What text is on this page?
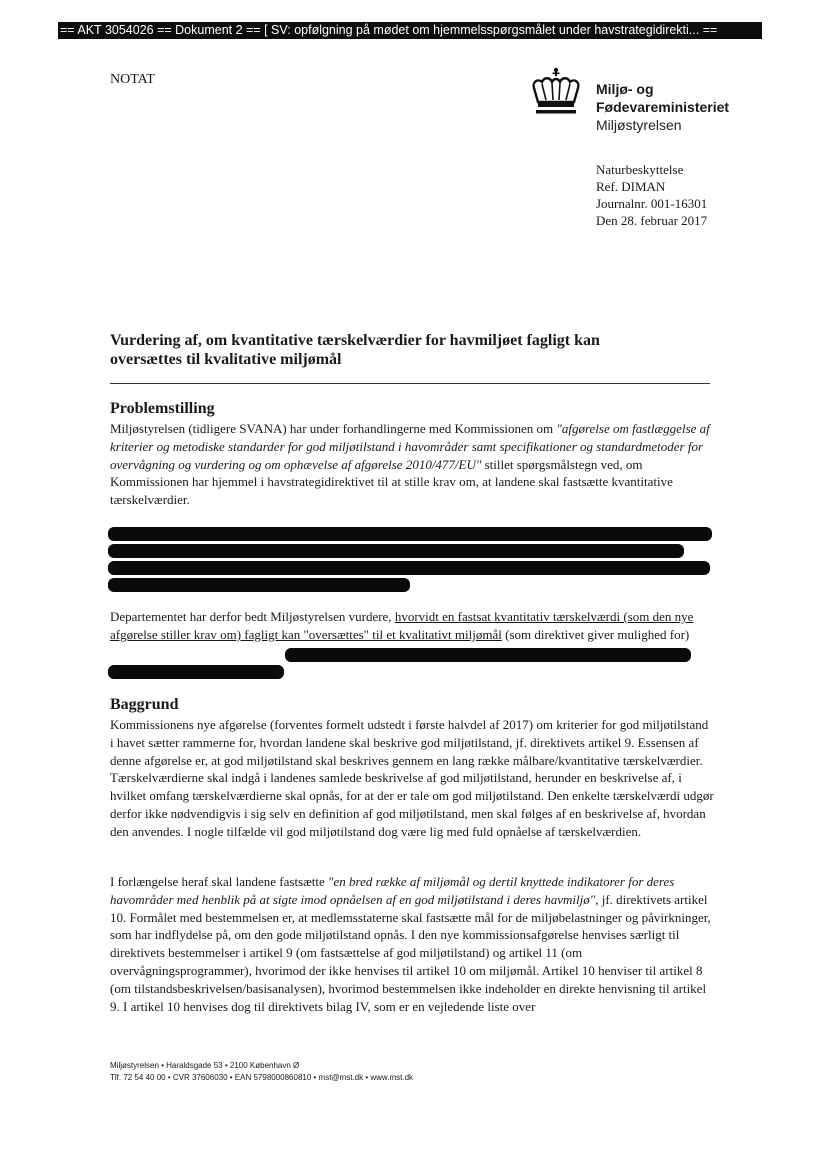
== AKT 3054026 == Dokument 2 == [ SV: opfølgning på mødet om hjemmelsspørgsmålet under havstrategidirekti... ==
NOTAT
Miljø- og
Fødevareministeriet
Miljøstyrelsen
Naturbeskyttelse
Ref. DIMAN
Journalnr. 001-16301
Den 28. februar 2017
Vurdering af, om kvantitative tærskelværdier for havmiljøet fagligt kan oversættes til kvalitative miljømål
Problemstilling

Miljøstyrelsen (tidligere SVANA) har under forhandlingerne med Kommissionen om "afgørelse om fastlæggelse af kriterier og metodiske standarder for god miljøtilstand i havområder samt specifikationer og standardmetoder for overvågning og vurdering og om ophævelse af afgørelse 2010/477/EU" stillet spørgsmålstegn ved, om Kommissionen har hjemmel i havstrategidirektivet til at stille krav om, at landene skal fastsætte kvantitative tærskelværdier.

Departementet har derfor bedt Miljøstyrelsen vurdere, hvorvidt en fastsat kvantitativ tærskelværdi (som den nye afgørelse stiller krav om) fagligt kan "oversættes" til et kvalitativt miljømål (som direktivet giver mulighed for)

Baggrund

Kommissionens nye afgørelse (forventes formelt udstedt i første halvdel af 2017) om kriterier for god miljøtilstand i havet sætter rammerne for, hvordan landene skal beskrive god miljøtilstand, jf. direktivets artikel 9. Essensen af denne afgørelse er, at god miljøtilstand skal beskrives gennem en lang række målbare/kvantitative tærskelværdier. Tærskelværdierne skal indgå i landenes samlede beskrivelse af god miljøtilstand, herunder en beskrivelse af, i hvilket omfang tærskelværdierne skal opnås, for at der er tale om god miljøtilstand. Den enkelte tærskelværdi udgør derfor ikke nødvendigvis i sig selv en definition af god miljøtilstand, men skal følges af en beskrivelse af, hvordan den anvendes. I nogle tilfælde vil god miljøtilstand dog være lig med fuld opnåelse af tærskelværdien.

I forlængelse heraf skal landene fastsætte "en bred række af miljømål og dertil knyttede indikatorer for deres havområder med henblik på at sigte imod opnåelsen af en god miljøtilstand i deres havmiljø", jf. direktivets artikel 10. Formålet med bestemmelsen er, at medlemsstaterne skal fastsætte mål for de miljøbelastninger og påvirkninger, som har indflydelse på, om den gode miljøtilstand opnås. I den nye kommissionsafgørelse henvises særligt til direktivets bestemmelser i artikel 9 (om fastsættelse af god miljøtilstand) og artikel 11 (om overvågningsprogrammer), hvorimod der ikke henvises til artikel 10 om miljømål. Artikel 10 henviser til artikel 8 (om tilstandsbeskrivelsen/basisanalysen), hvorimod bestemmelsen ikke indeholder en direkte henvisning til artikel 9. I artikel 10 henvises dog til direktivets bilag IV, som er en vejledende liste over

Miljøstyrelsen • Haraldsgade 53 • 2100 København Ø
Tlf. 72 54 40 00 • CVR 37606030 • EAN 5798000860810 • mst@mst.dk • www.mst.dk
